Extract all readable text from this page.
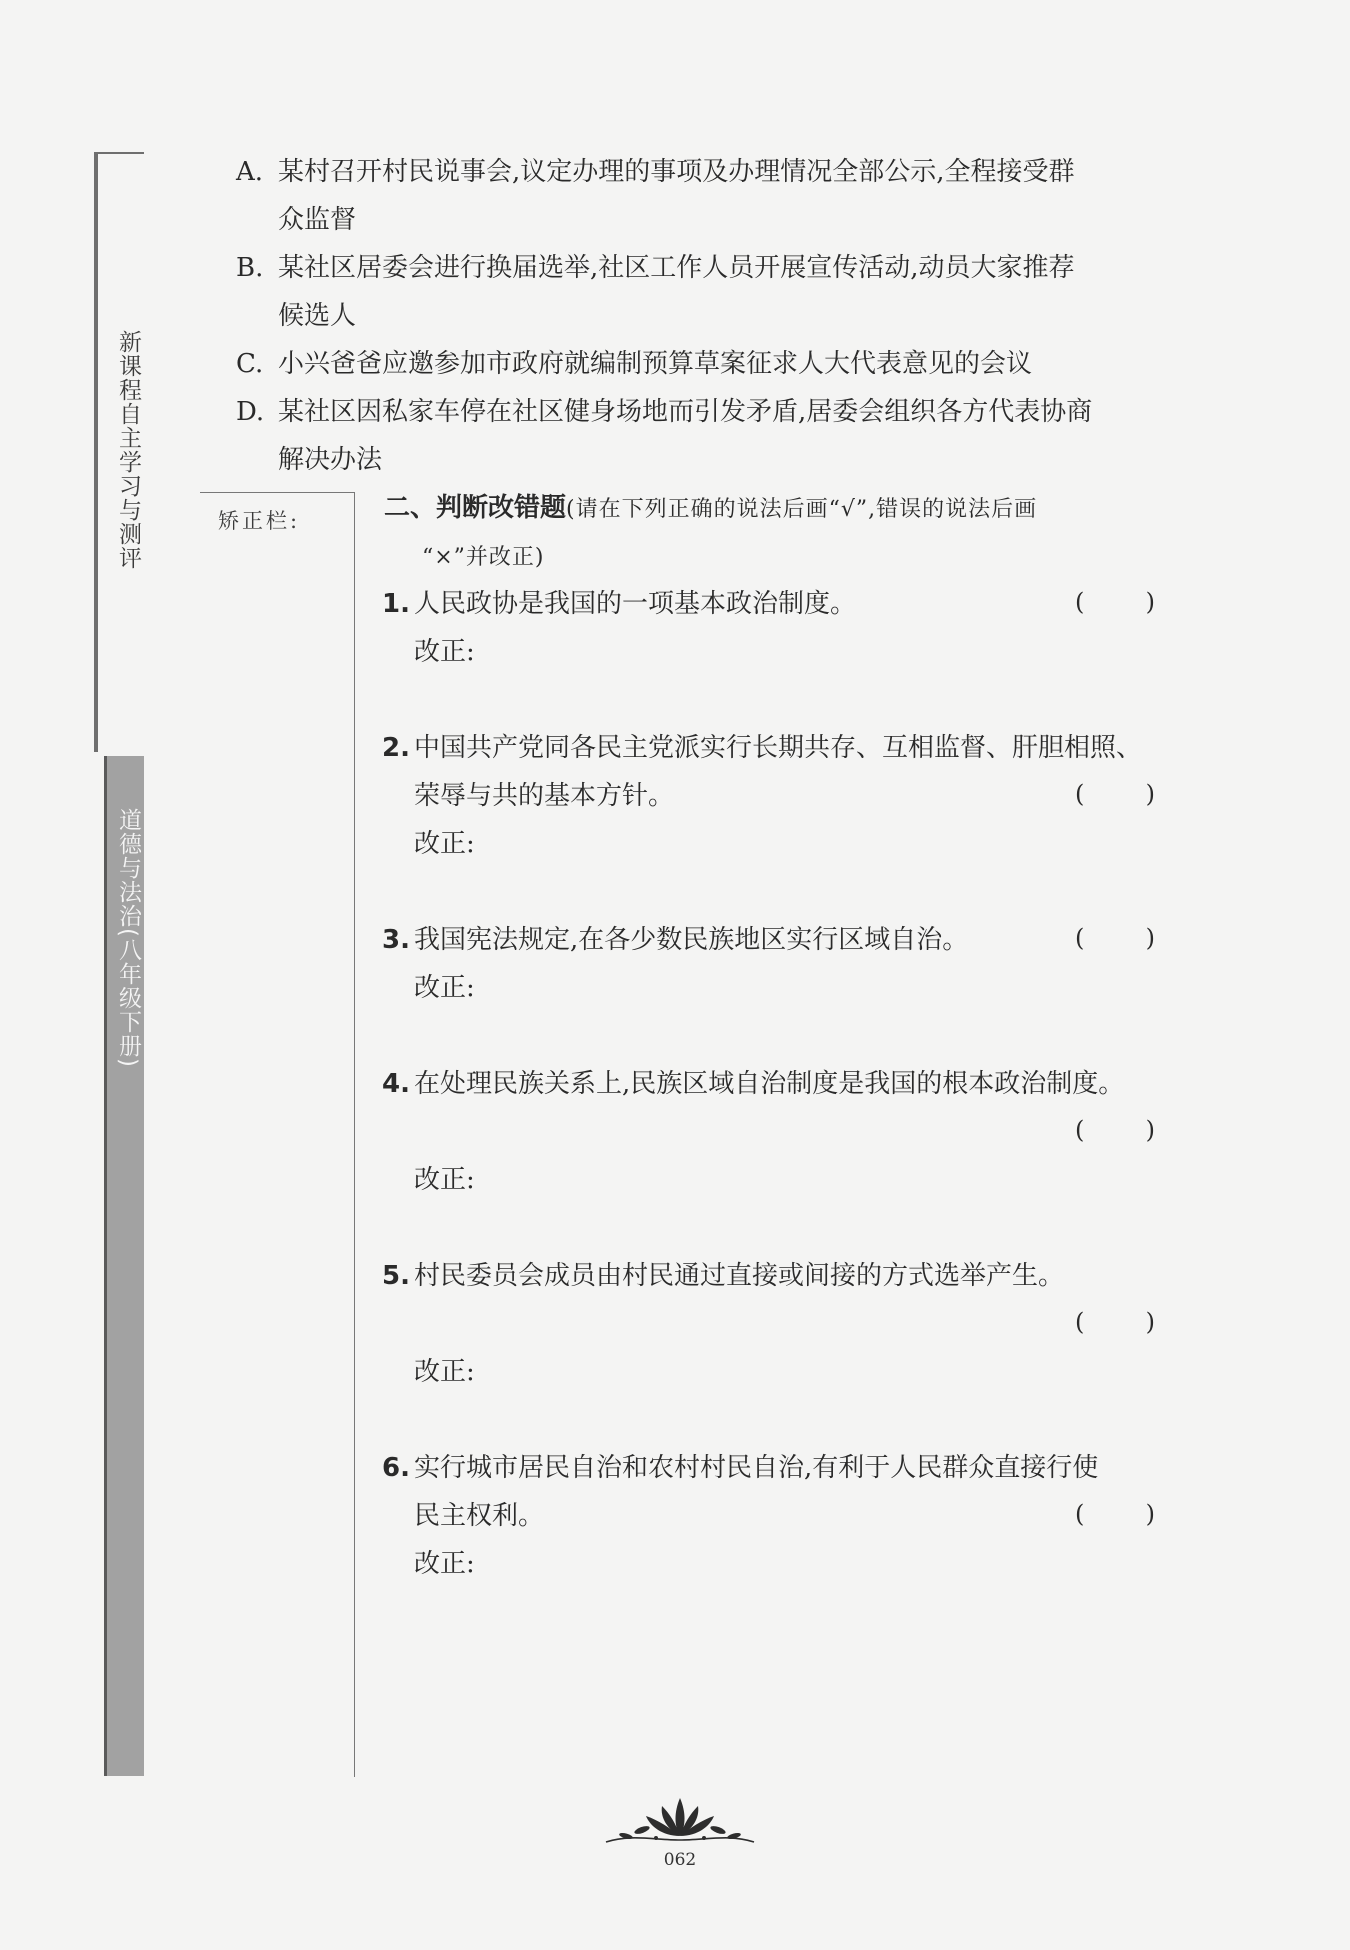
新课程自主学习与测评
道德与法治(八年级下册)
矫正栏:
A. 某村召开村民说事会,议定办理的事项及办理情况全部公示,全程接受群
众监督
B. 某社区居委会进行换届选举,社区工作人员开展宣传活动,动员大家推荐
候选人
C. 小兴爸爸应邀参加市政府就编制预算草案征求人大代表意见的会议
D. 某社区因私家车停在社区健身场地而引发矛盾,居委会组织各方代表协商
解决办法
二、判断改错题(请在下列正确的说法后画“√”,错误的说法后画
“×”并改正)
1. 人民政协是我国的一项基本政治制度。
改正:
(	)
2. 中国共产党同各民主党派实行长期共存、互相监督、肝胆相照、
荣辱与共的基本方针。
改正:
(	)
3. 我国宪法规定,在各少数民族地区实行区域自治。
改正:
(	)
4. 在处理民族关系上,民族区域自治制度是我国的根本政治制度。
改正:
(	)
5. 村民委员会成员由村民通过直接或间接的方式选举产生。
改正:
(	)
6. 实行城市居民自治和农村村民自治,有利于人民群众直接行使
民主权利。
改正:
(	)
062
